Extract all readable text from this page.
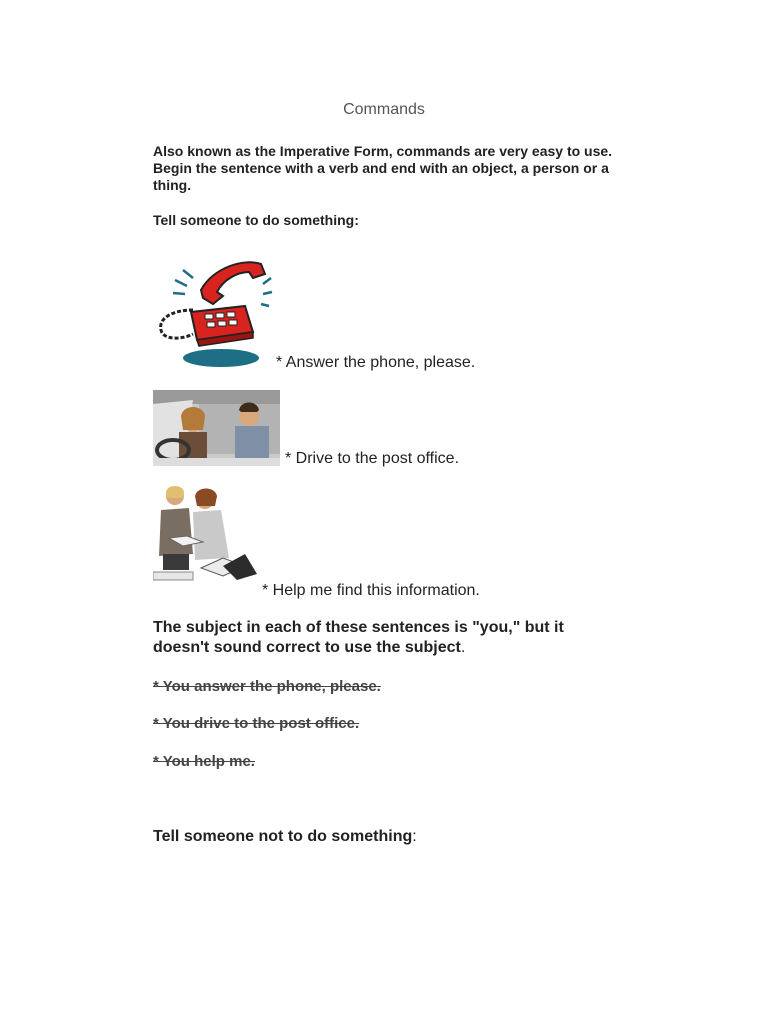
Commands
Also known as the Imperative Form, commands are very easy to use. Begin the sentence with a verb and end with an object, a person or a thing.
Tell someone to do something:
* Answer the phone, please.
* Drive to the post office.
* Help me find this information.
The subject in each of these sentences is "you," but it doesn't sound correct to use the subject.
* You answer the phone, please.
* You drive to the post office.
* You help me.
Tell someone not to do something:
